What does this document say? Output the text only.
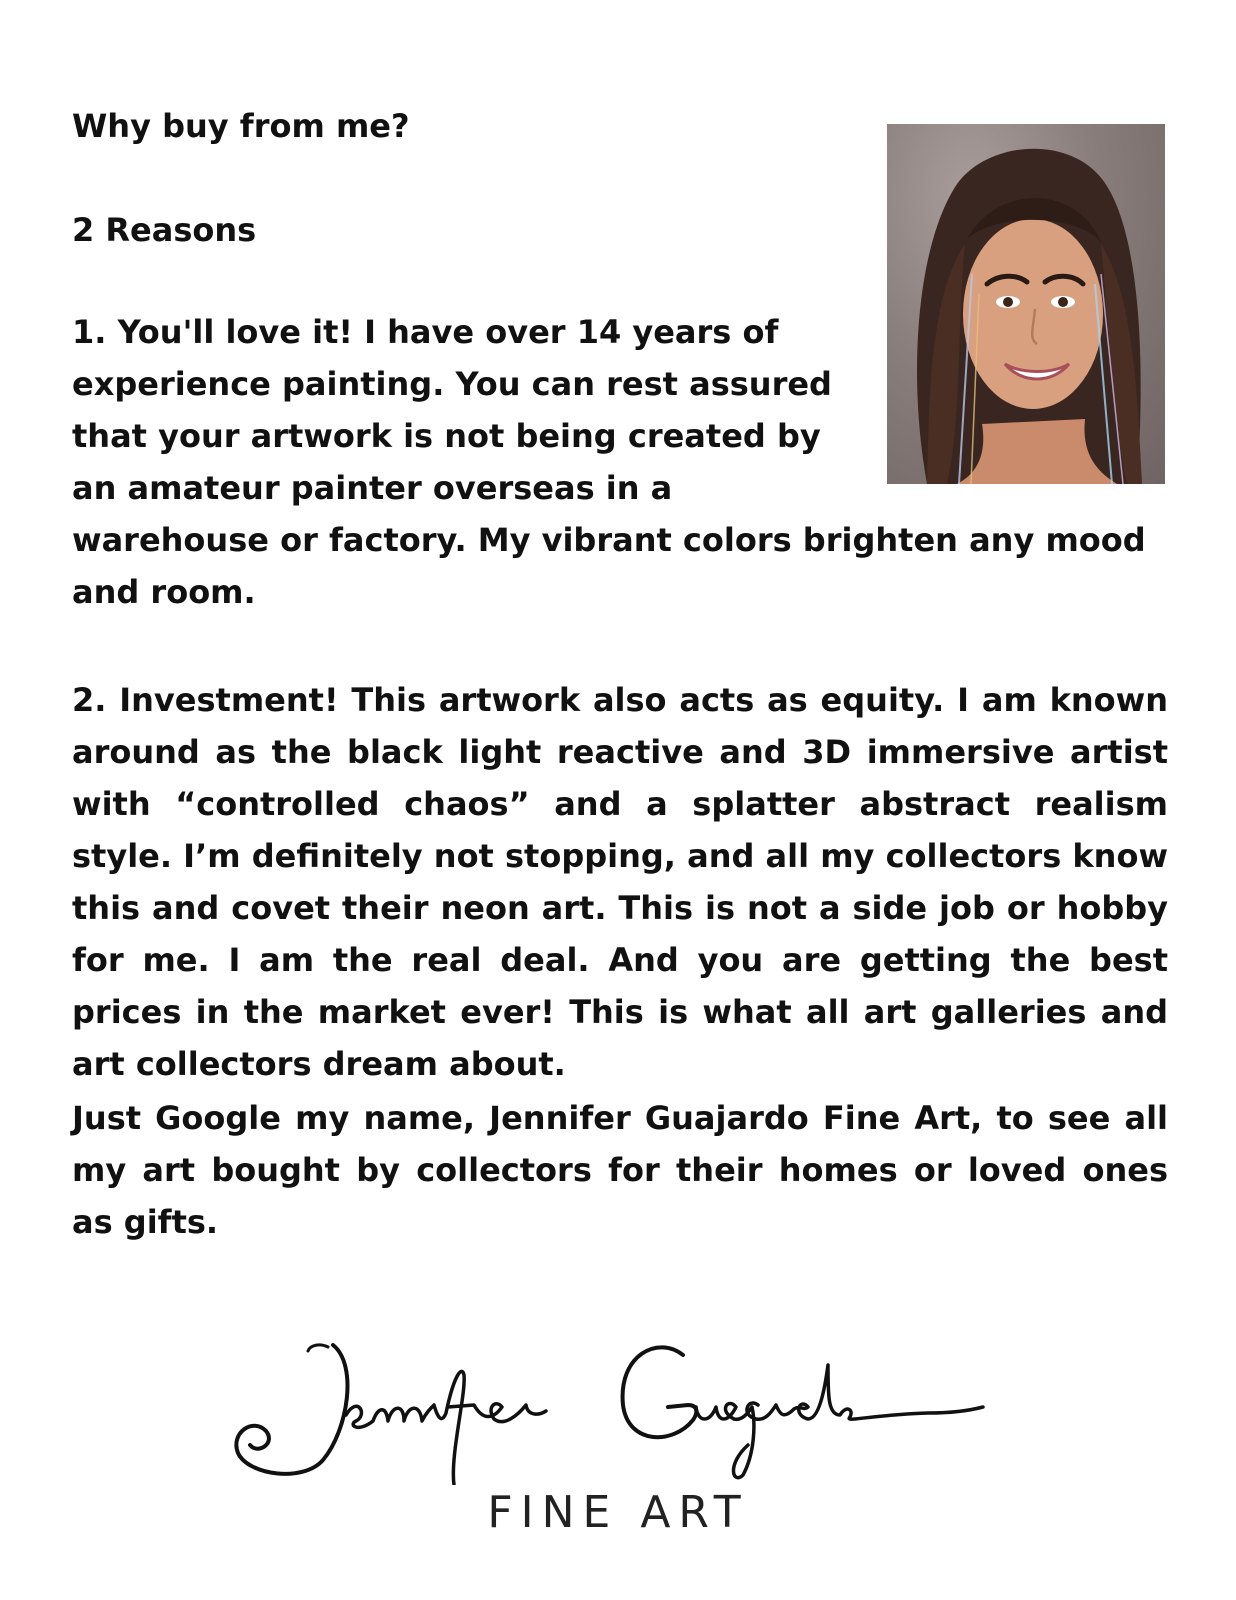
Why buy from me?

2 Reasons

1. You'll love it! I have over 14 years of experience painting. You can rest assured that your artwork is not being created by an amateur painter overseas in a
warehouse or factory. My vibrant colors brighten any mood and room.

2. Investment! This artwork also acts as equity. I am known around as the black light reactive and 3D immersive artist with “controlled chaos” and a splatter abstract realism style. I’m definitely not stopping, and all my collectors know this and covet their neon art. This is not a side job or hobby for me. I am the real deal. And you are getting the best prices in the market ever! This is what all art galleries and art collectors dream about.

Just Google my name, Jennifer Guajardo Fine Art, to see all my art bought by collectors for their homes or loved ones as gifts.

FINE ART
